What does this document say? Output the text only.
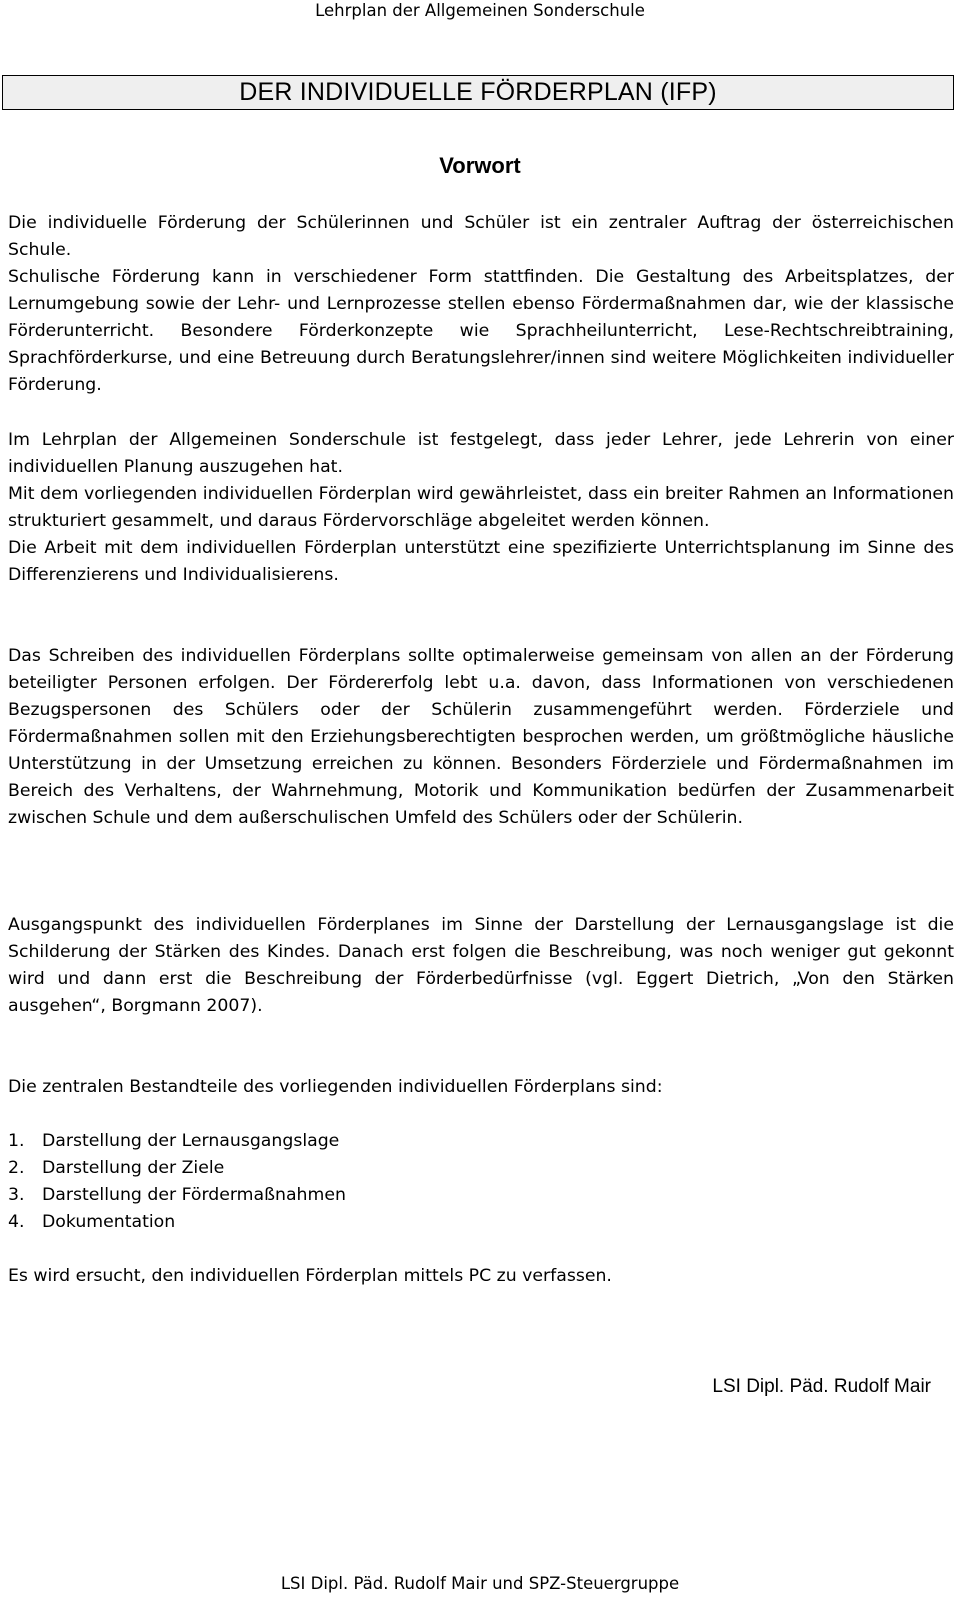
Lehrplan der Allgemeinen Sonderschule
DER INDIVIDUELLE FÖRDERPLAN (IFP)
Vorwort

Die individuelle Förderung der Schülerinnen und Schüler ist ein zentraler Auftrag der österreichischen Schule.

Schulische Förderung kann in verschiedener Form stattfinden. Die Gestaltung des Arbeitsplatzes, der Lernumgebung sowie der Lehr- und Lernprozesse stellen ebenso Fördermaßnahmen dar, wie der klassische Förderunterricht. Besondere Förderkonzepte wie Sprachheilunterricht, Lese-Rechtschreibtraining, Sprachförderkurse, und eine Betreuung durch Beratungslehrer/innen sind weitere Möglichkeiten individueller Förderung.

Im Lehrplan der Allgemeinen Sonderschule ist festgelegt, dass jeder Lehrer, jede Lehrerin von einer individuellen Planung auszugehen hat.

Mit dem vorliegenden individuellen Förderplan wird gewährleistet, dass ein breiter Rahmen an Informationen strukturiert gesammelt, und daraus Fördervorschläge abgeleitet werden können.

Die Arbeit mit dem individuellen Förderplan unterstützt eine spezifizierte Unterrichtsplanung im Sinne des Differenzierens und Individualisierens.

Das Schreiben des individuellen Förderplans sollte optimalerweise gemeinsam von allen an der Förderung beteiligter Personen erfolgen. Der Fördererfolg lebt u.a. davon, dass Informationen von verschiedenen Bezugspersonen des Schülers oder der Schülerin zusammengeführt werden. Förderziele und Fördermaßnahmen sollen mit den Erziehungsberechtigten besprochen werden, um größtmögliche häusliche Unterstützung in der Umsetzung erreichen zu können. Besonders Förderziele und Fördermaßnahmen im Bereich des Verhaltens, der Wahrnehmung, Motorik und Kommunikation bedürfen der Zusammenarbeit zwischen Schule und dem außerschulischen Umfeld des Schülers oder der Schülerin.

Ausgangspunkt des individuellen Förderplanes im Sinne der Darstellung der Lernausgangslage ist die Schilderung der Stärken des Kindes. Danach erst folgen die Beschreibung, was noch weniger gut gekonnt wird und dann erst die Beschreibung der Förderbedürfnisse (vgl. Eggert Dietrich, „Von den Stärken ausgehen“, Borgmann 2007).

Die zentralen Bestandteile des vorliegenden individuellen Förderplans sind:

1. Darstellung der Lernausgangslage
2. Darstellung der Ziele
3. Darstellung der Fördermaßnahmen
4. Dokumentation

Es wird ersucht, den individuellen Förderplan mittels PC zu verfassen.

LSI Dipl. Päd. Rudolf Mair
LSI Dipl. Päd. Rudolf Mair und SPZ-Steuergruppe
